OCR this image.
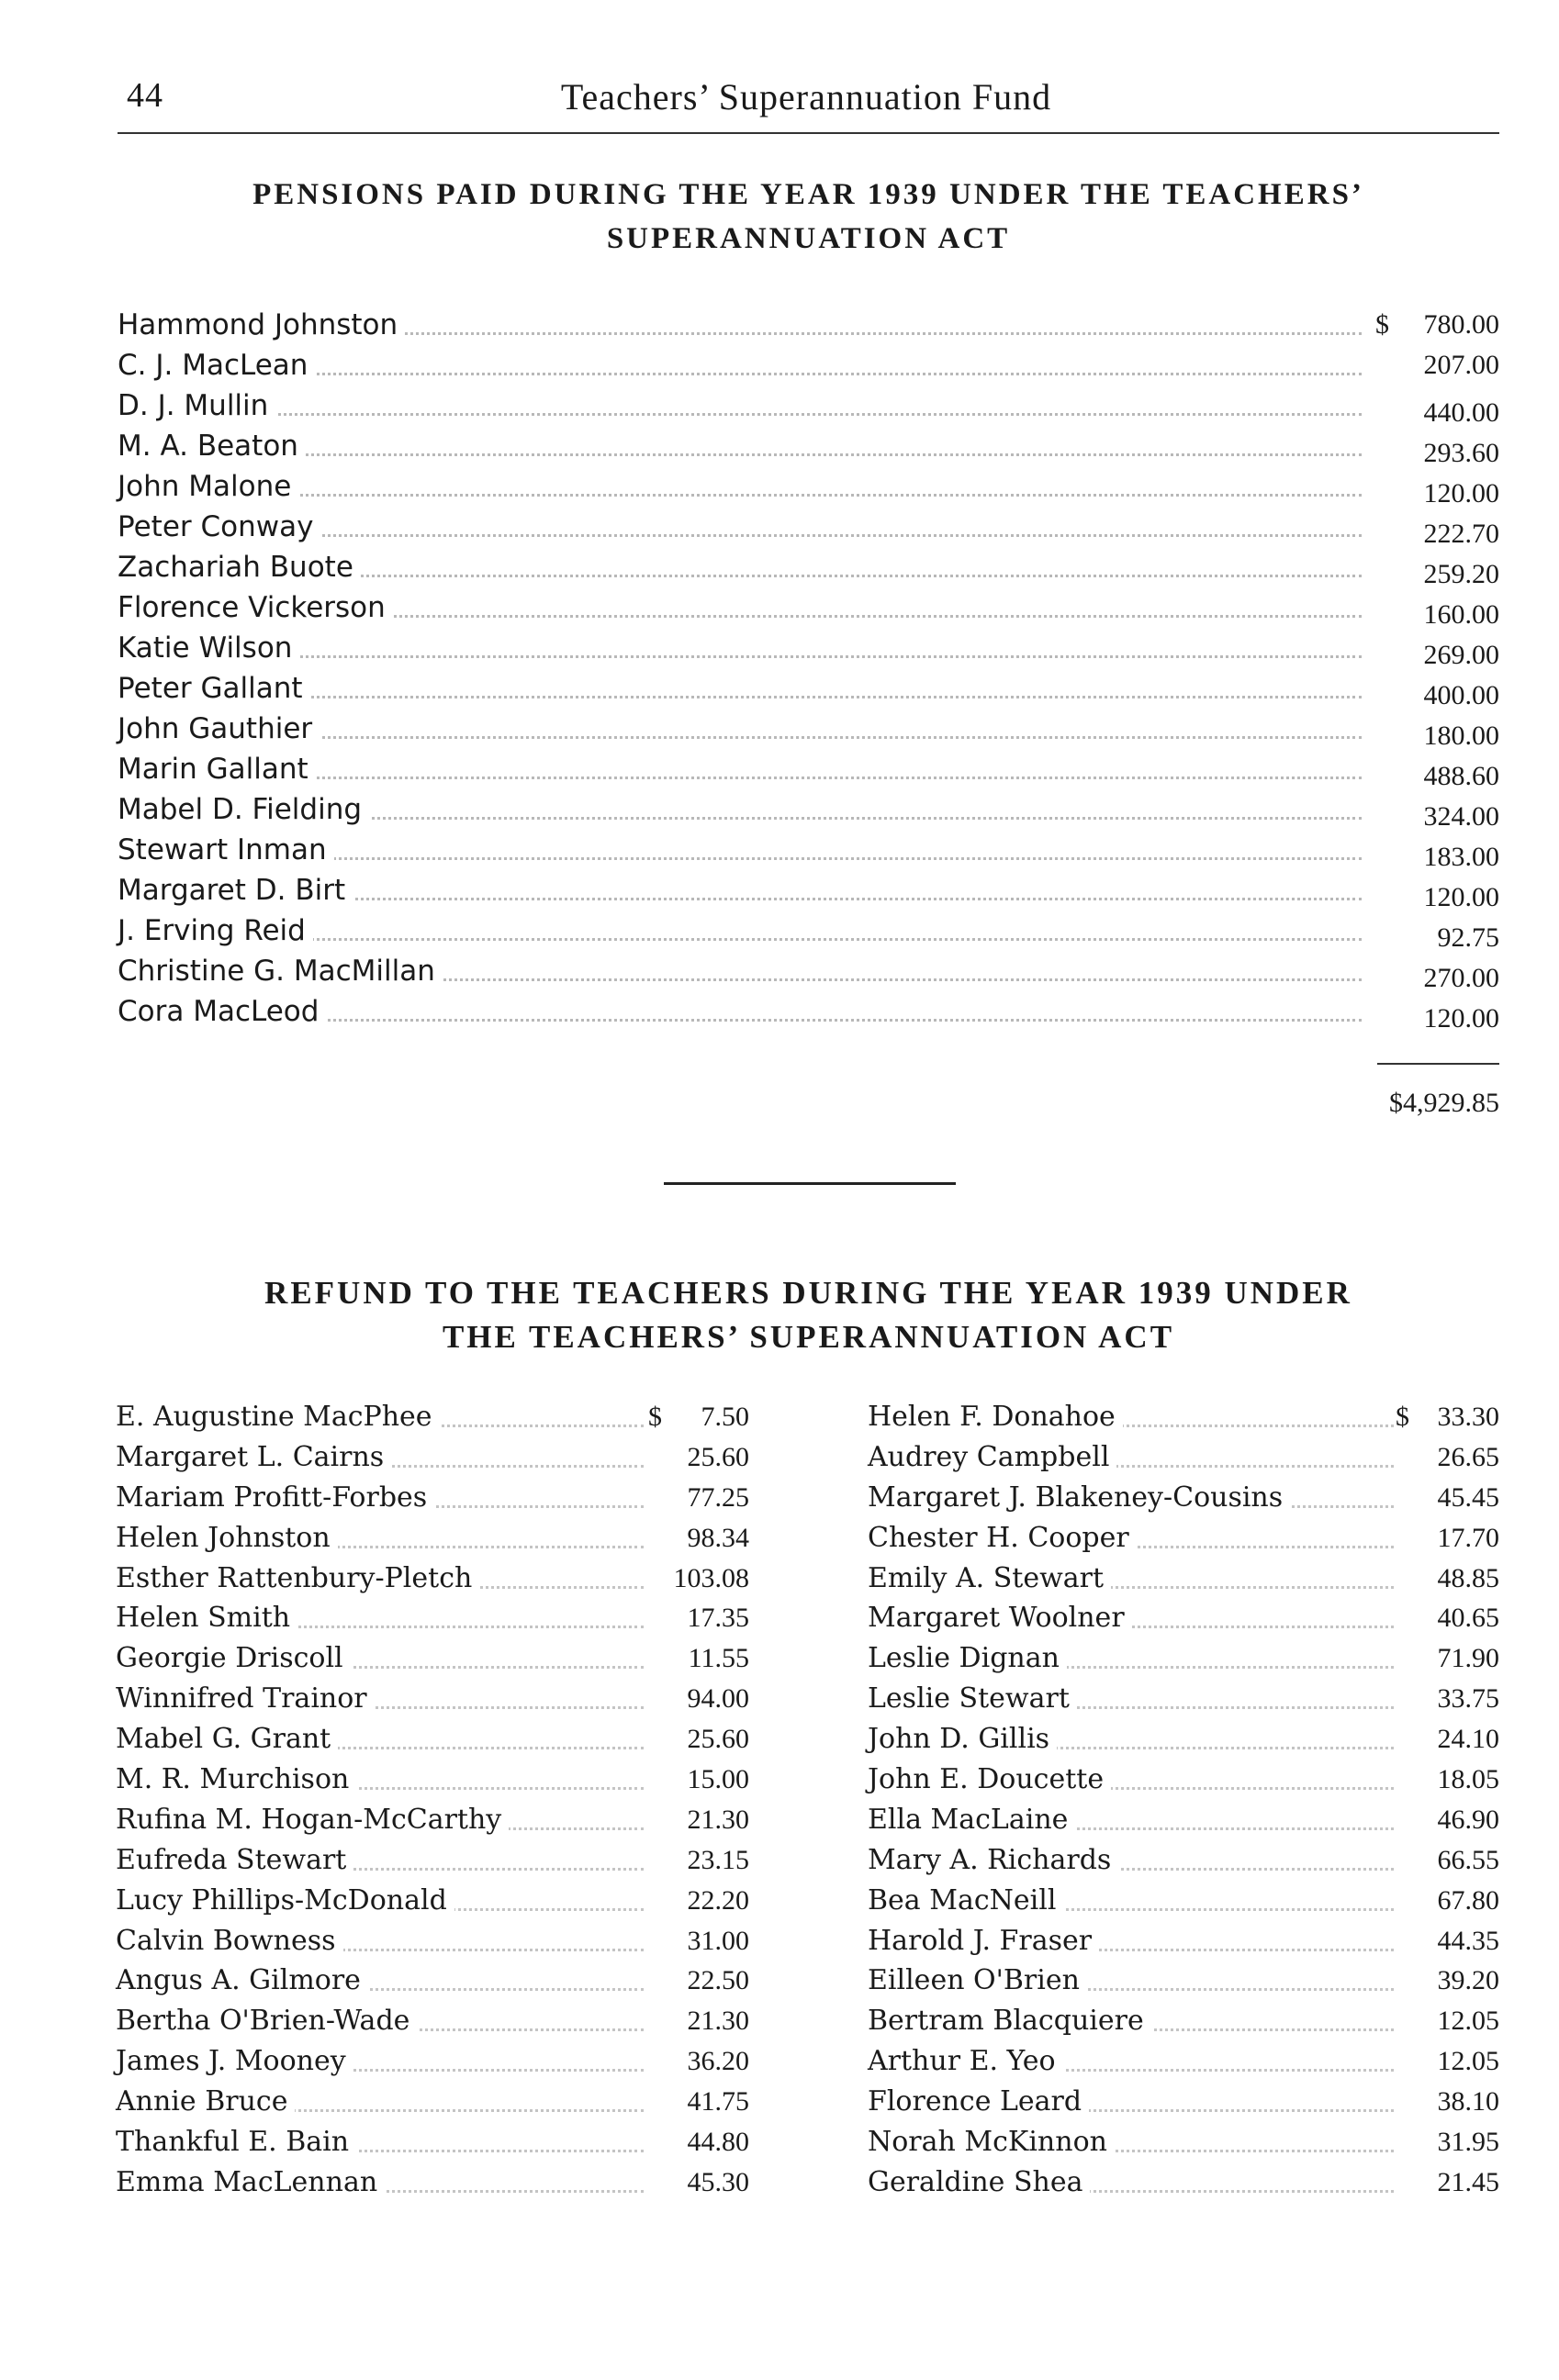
44	Teachers’ Superannuation Fund
PENSIONS PAID DURING THE YEAR 1939 UNDER THE TEACHERS’
SUPERANNUATION ACT
Hammond Johnston	$ 780.00
C. J. MacLean	207.00
D. J. Mullin	440.00
M. A. Beaton	293.60
John Malone	120.00
Peter Conway	222.70
Zachariah Buote	259.20
Florence Vickerson	160.00
Katie Wilson	269.00
Peter Gallant	400.00
John Gauthier	180.00
Marin Gallant	488.60
Mabel D. Fielding	324.00
Stewart Inman	183.00
Margaret D. Birt	120.00
J. Erving Reid	92.75
Christine G. MacMillan	270.00
Cora MacLeod	120.00
$4,929.85
REFUND TO THE TEACHERS DURING THE YEAR 1939 UNDER
THE TEACHERS’ SUPERANNUATION ACT
E. Augustine MacPhee	$ 7.50
Margaret L. Cairns	25.60
Mariam Profitt-Forbes	77.25
Helen Johnston	98.34
Esther Rattenbury-Pletch	103.08
Helen Smith	17.35
Georgie Driscoll	11.55
Winnifred Trainor	94.00
Mabel G. Grant	25.60
M. R. Murchison	15.00
Rufina M. Hogan-McCarthy	21.30
Eufreda Stewart	23.15
Lucy Phillips-McDonald	22.20
Calvin Bowness	31.00
Angus A. Gilmore	22.50
Bertha O'Brien-Wade	21.30
James J. Mooney	36.20
Annie Bruce	41.75
Thankful E. Bain	44.80
Emma MacLennan	45.30
Helen F. Donahoe	$ 33.30
Audrey Campbell	26.65
Margaret J. Blakeney-Cousins	45.45
Chester H. Cooper	17.70
Emily A. Stewart	48.85
Margaret Woolner	40.65
Leslie Dignan	71.90
Leslie Stewart	33.75
John D. Gillis	24.10
John E. Doucette	18.05
Ella MacLaine	46.90
Mary A. Richards	66.55
Bea MacNeill	67.80
Harold J. Fraser	44.35
Eilleen O'Brien	39.20
Bertram Blacquiere	12.05
Arthur E. Yeo	12.05
Florence Leard	38.10
Norah McKinnon	31.95
Geraldine Shea	21.45
